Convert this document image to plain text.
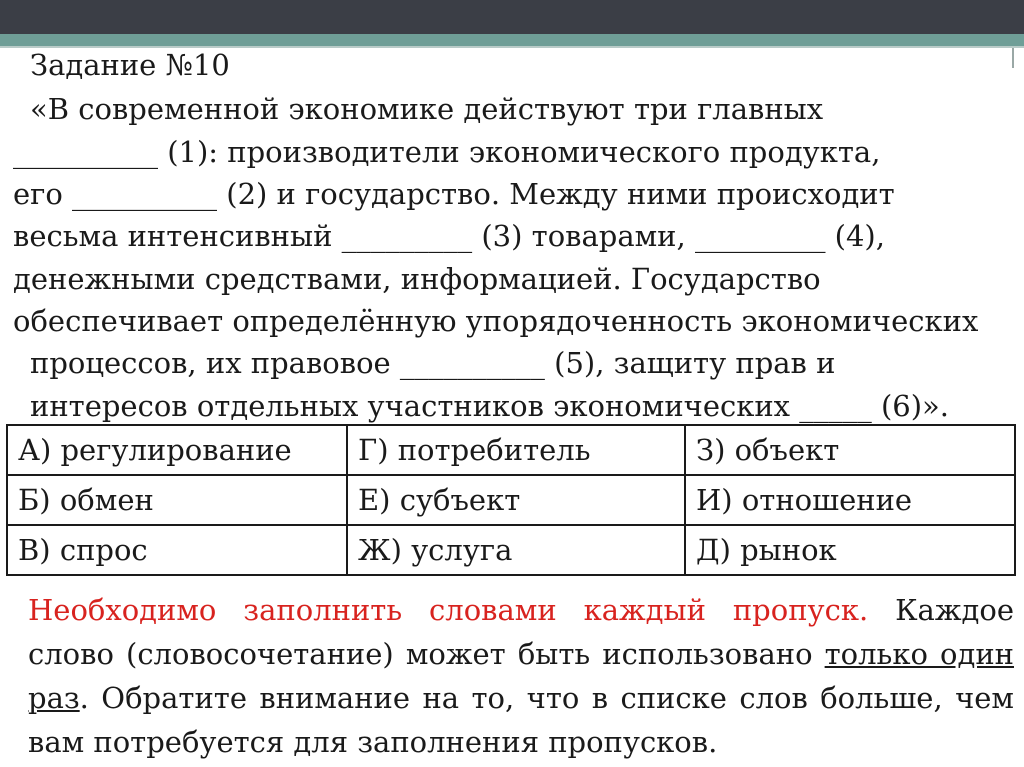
Задание №10
«В современной экономике действуют три главных
__________ (1): производители экономического продукта,
его __________ (2) и государство. Между ними происходит
весьма интенсивный _________ (3) товарами, _________ (4),
денежными средствами, информацией. Государство
обеспечивает определённую упорядоченность экономических
процессов, их правовое __________ (5), защиту прав и
интересов отдельных участников экономических _____ (6)».
А) регулирование	Г) потребитель	З) объект
Б) обмен	Е) субъект	И) отношение
В) спрос	Ж) услуга	Д) рынок
Необходимо заполнить словами каждый пропуск. Каждое слово (словосочетание) может быть использовано только один раз. Обратите внимание на то, что в списке слов больше, чем вам потребуется для заполнения пропусков.
